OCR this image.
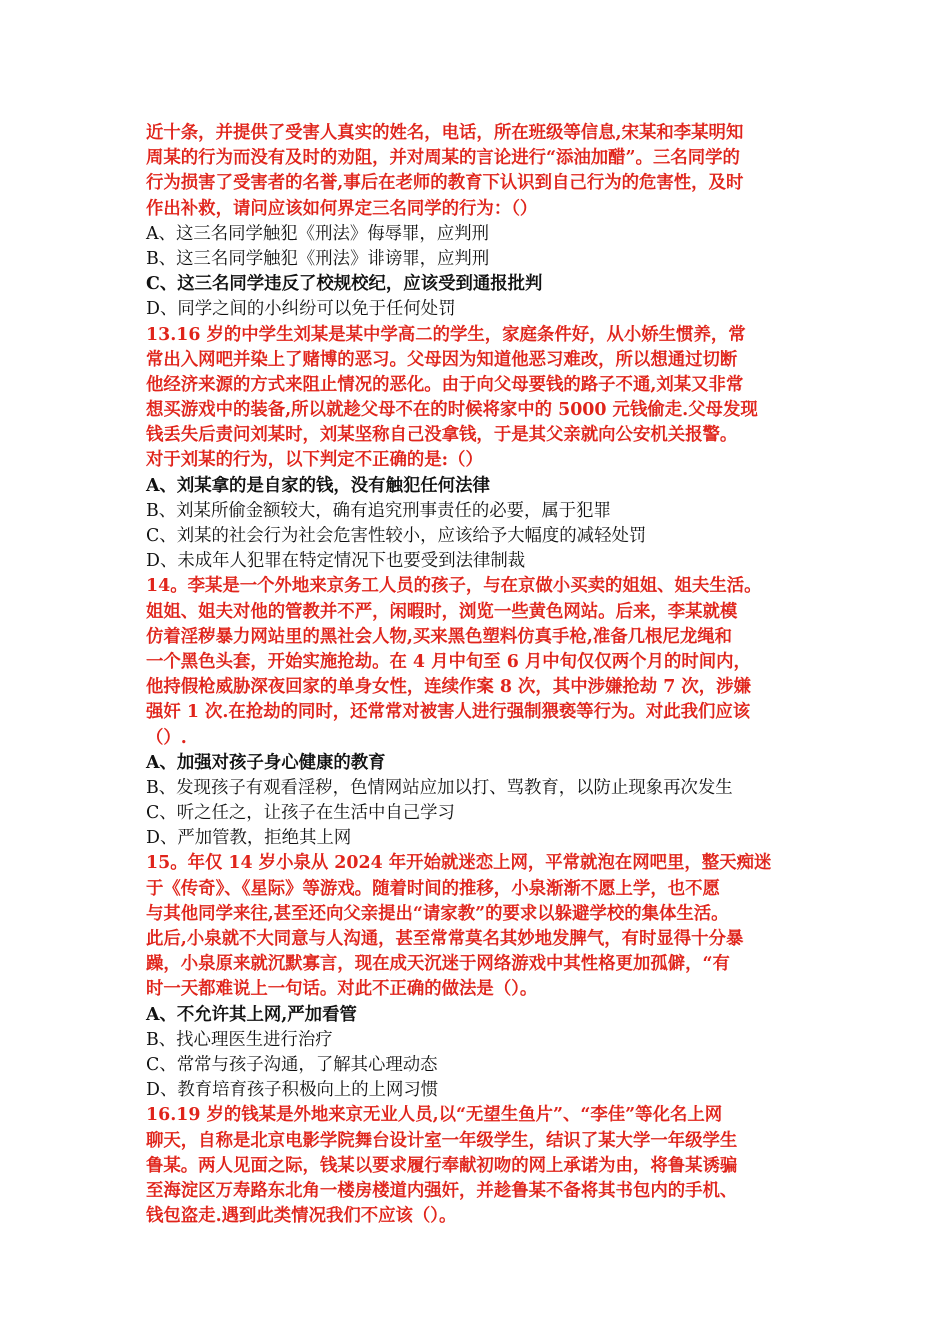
近十条，并提供了受害人真实的姓名，电话，所在班级等信息,宋某和李某明知
周某的行为而没有及时的劝阻，并对周某的言论进行“添油加醋”。三名同学的
行为损害了受害者的名誉,事后在老师的教育下认识到自己行为的危害性，及时
作出补救，请问应该如何界定三名同学的行为：（）
A、这三名同学触犯《刑法》侮辱罪，应判刑
B、这三名同学触犯《刑法》诽谤罪，应判刑
C、这三名同学违反了校规校纪，应该受到通报批判
D、同学之间的小纠纷可以免于任何处罚
13.16 岁的中学生刘某是某中学高二的学生，家庭条件好，从小娇生惯养，常
常出入网吧并染上了赌博的恶习。父母因为知道他恶习难改，所以想通过切断
他经济来源的方式来阻止情况的恶化。由于向父母要钱的路子不通,刘某又非常
想买游戏中的装备,所以就趁父母不在的时候将家中的 5000 元钱偷走.父母发现
钱丢失后责问刘某时，刘某坚称自己没拿钱，于是其父亲就向公安机关报警。
对于刘某的行为，以下判定不正确的是:（）
A、刘某拿的是自家的钱，没有触犯任何法律
B、刘某所偷金额较大，确有追究刑事责任的必要，属于犯罪
C、刘某的社会行为社会危害性较小，应该给予大幅度的减轻处罚
D、未成年人犯罪在特定情况下也要受到法律制裁
14。李某是一个外地来京务工人员的孩子，与在京做小买卖的姐姐、姐夫生活。
姐姐、姐夫对他的管教并不严，闲暇时，浏览一些黄色网站。后来，李某就模
仿着淫秽暴力网站里的黑社会人物,买来黑色塑料仿真手枪,准备几根尼龙绳和
一个黑色头套，开始实施抢劫。在 4 月中旬至 6 月中旬仅仅两个月的时间内，
他持假枪威胁深夜回家的单身女性，连续作案 8 次，其中涉嫌抢劫 7 次，涉嫌
强奸 1 次.在抢劫的同时，还常常对被害人进行强制猥亵等行为。对此我们应该
（）.
A、加强对孩子身心健康的教育
B、发现孩子有观看淫秽，色情网站应加以打、骂教育，以防止现象再次发生
C、听之任之，让孩子在生活中自己学习
D、严加管教，拒绝其上网
15。年仅 14 岁小泉从 2024 年开始就迷恋上网，平常就泡在网吧里，整天痴迷
于《传奇》、《星际》等游戏。随着时间的推移，小泉渐渐不愿上学，也不愿
与其他同学来往,甚至还向父亲提出“请家教”的要求以躲避学校的集体生活。
此后,小泉就不大同意与人沟通，甚至常常莫名其妙地发脾气，有时显得十分暴
躁，小泉原来就沉默寡言，现在成天沉迷于网络游戏中其性格更加孤僻，“有
时一天都难说上一句话。对此不正确的做法是（）。
A、不允许其上网,严加看管
B、找心理医生进行治疗
C、常常与孩子沟通，了解其心理动态
D、教育培育孩子积极向上的上网习惯
16.19 岁的钱某是外地来京无业人员,以“无望生鱼片”、“李佳”等化名上网
聊天，自称是北京电影学院舞台设计室一年级学生，结识了某大学一年级学生
鲁某。两人见面之际，钱某以要求履行奉献初吻的网上承诺为由，将鲁某诱骗
至海淀区万寿路东北角一楼房楼道内强奸，并趁鲁某不备将其书包内的手机、
钱包盗走.遇到此类情况我们不应该（）。
